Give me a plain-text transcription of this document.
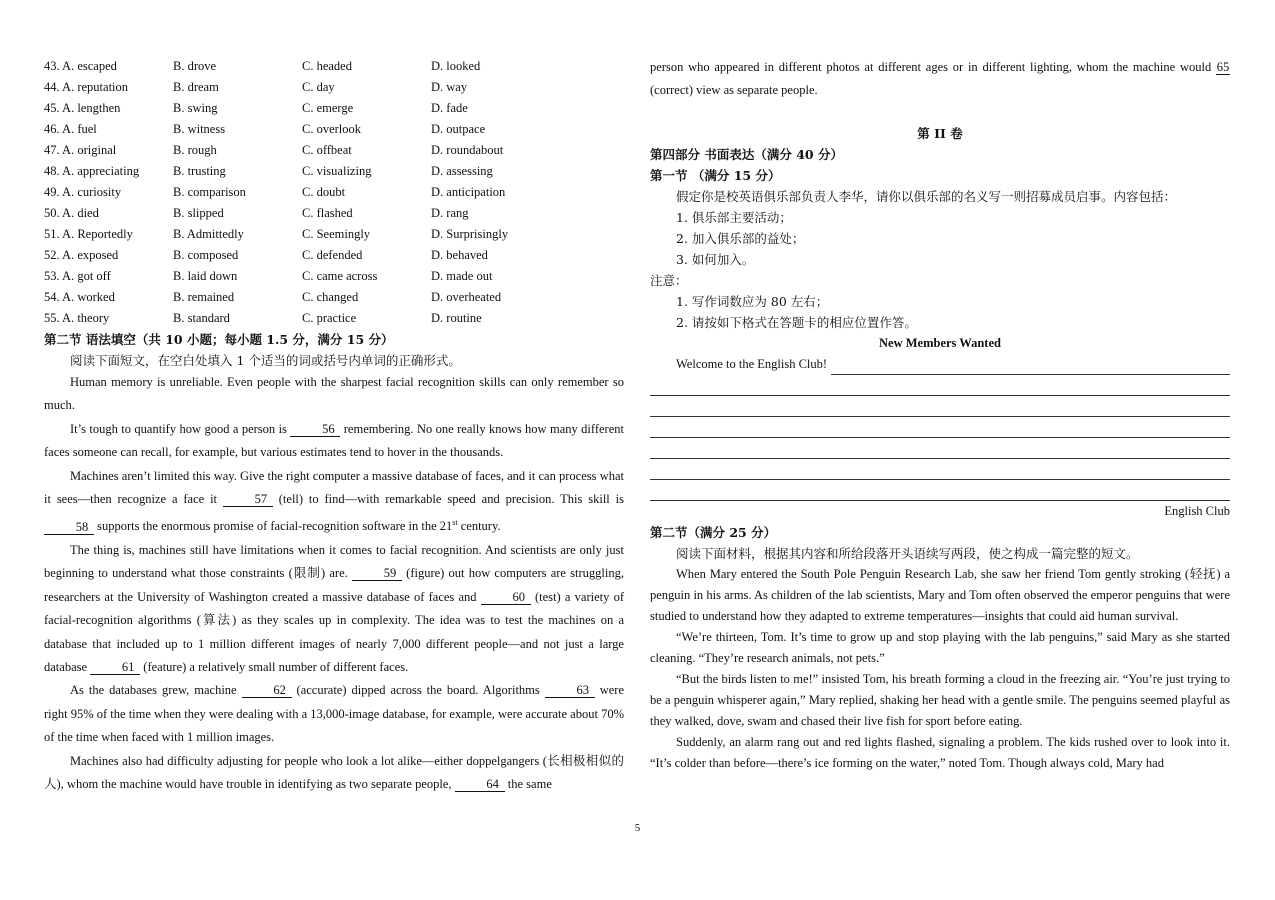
43. A. escaped	B. drove	C. headed	D. looked
44. A. reputation	B. dream	C. day	D. way
45. A. lengthen	B. swing	C. emerge	D. fade
46. A. fuel	B. witness	C. overlook	D. outpace
47. A. original	B. rough	C. offbeat	D. roundabout
48. A. appreciating	B. trusting	C. visualizing	D. assessing
49. A. curiosity	B. comparison	C. doubt	D. anticipation
50. A. died	B. slipped	C. flashed	D. rang
51. A. Reportedly	B. Admittedly	C. Seemingly	D. Surprisingly
52. A. exposed	B. composed	C. defended	D. behaved
53. A. got off	B. laid down	C. came across	D. made out
54. A. worked	B. remained	C. changed	D. overheated
55. A. theory	B. standard	C. practice	D. routine
第二节 语法填空（共 10 小题；每小题 1.5 分，满分 15 分）
阅读下面短文，在空白处填入 1 个适当的词或括号内单词的正确形式。
Human memory is unreliable. Even people with the sharpest facial recognition skills can only remember so much.
It’s tough to quantify how good a person is	56 remembering. No one really knows how many different faces someone can recall, for example, but various estimates tend to hover in the thousands.
Machines aren’t limited this way. Give the right computer a massive database of faces, and it can process what it sees—then recognize a face it	57 (tell) to find—with remarkable speed and precision. This skill is 58 supports the enormous promise of facial-recognition software in the 21st century.
The thing is, machines still have limitations when it comes to facial recognition. And scientists are only just beginning to understand what those constraints (限制) are.	59 (figure) out how computers are struggling, researchers at the University of Washington created a massive database of faces and	60 (test) a variety of facial-recognition algorithms (算法) as they scales up in complexity. The idea was to test the machines on a database that included up to 1 million different images of nearly 7,000 different people—and not just a large database	61 (feature) a relatively small number of different faces.
As the databases grew, machine	62 (accurate) dipped across the board. Algorithms	63 were right 95% of the time when they were dealing with a 13,000-image database, for example, were accurate about 70% of the time when faced with 1 million images.
Machines also had difficulty adjusting for people who look a lot alike—either doppelgangers (长相极相似的人), whom the machine would have trouble in identifying as two separate people,	64 the same
person who appeared in different photos at different ages or in different lighting, whom the machine would 65 (correct) view as separate people.
第 II 卷
第四部分 书面表达（满分 40 分）
第一节 （满分 15 分）
假定你是校英语俱乐部负责人李华，请你以俱乐部的名义写一则招募成员启事。内容包括：
1. 俱乐部主要活动；
2. 加入俱乐部的益处；
3. 如何加入。
注意：
1. 写作词数应为 80 左右；
2. 请按如下格式在答题卡的相应位置作答。
New Members Wanted
Welcome to the English Club!
English Club
第二节（满分 25 分）
阅读下面材料，根据其内容和所给段落开头语续写两段，使之构成一篇完整的短文。
When Mary entered the South Pole Penguin Research Lab, she saw her friend Tom gently stroking (轻抚) a penguin in his arms. As children of the lab scientists, Mary and Tom often observed the emperor penguins that were studied to understand how they adapted to extreme temperatures—insights that could aid human survival.
“We’re thirteen, Tom. It’s time to grow up and stop playing with the lab penguins,” said Mary as she started cleaning. “They’re research animals, not pets.”
“But the birds listen to me!” insisted Tom, his breath forming a cloud in the freezing air. “You’re just trying to be a penguin whisperer again,” Mary replied, shaking her head with a gentle smile. The penguins seemed playful as they walked, dove, swam and chased their live fish for sport before eating.
Suddenly, an alarm rang out and red lights flashed, signaling a problem. The kids rushed over to look into it. “It’s colder than before—there’s ice forming on the water,” noted Tom. Though always cold, Mary had
5
